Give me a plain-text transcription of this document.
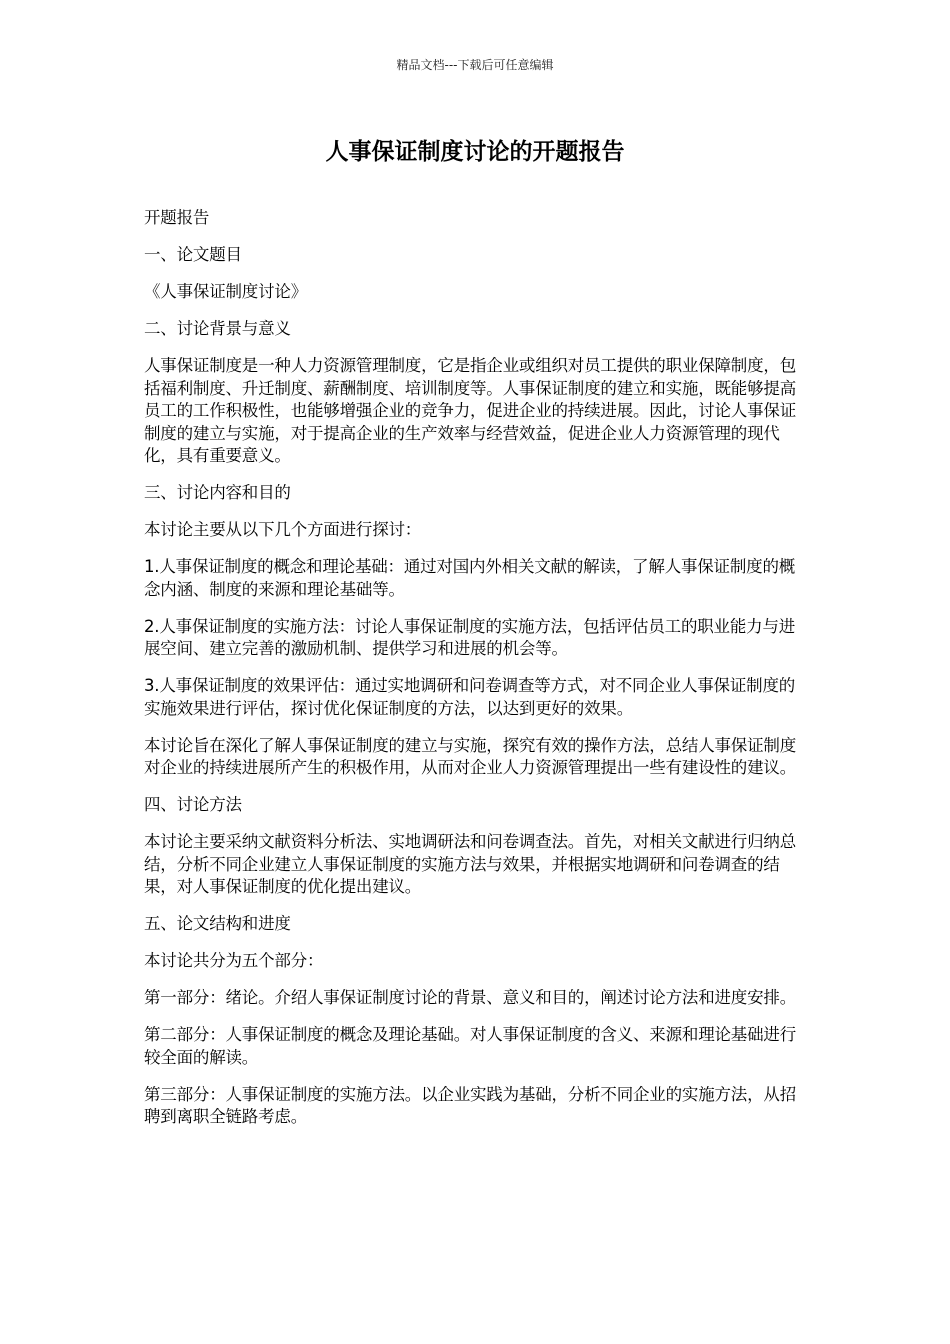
精品文档---下载后可任意编辑
人事保证制度讨论的开题报告

开题报告

一、论文题目

《人事保证制度讨论》

二、讨论背景与意义

人事保证制度是一种人力资源管理制度，它是指企业或组织对员工提供的职业保障制度，包括福利制度、升迁制度、薪酬制度、培训制度等。人事保证制度的建立和实施，既能够提高员工的工作积极性，也能够增强企业的竞争力，促进企业的持续进展。因此，讨论人事保证制度的建立与实施，对于提高企业的生产效率与经营效益，促进企业人力资源管理的现代化，具有重要意义。

三、讨论内容和目的

本讨论主要从以下几个方面进行探讨：

1.人事保证制度的概念和理论基础：通过对国内外相关文献的解读，了解人事保证制度的概念内涵、制度的来源和理论基础等。

2.人事保证制度的实施方法：讨论人事保证制度的实施方法，包括评估员工的职业能力与进展空间、建立完善的激励机制、提供学习和进展的机会等。

3.人事保证制度的效果评估：通过实地调研和问卷调查等方式，对不同企业人事保证制度的实施效果进行评估，探讨优化保证制度的方法，以达到更好的效果。

本讨论旨在深化了解人事保证制度的建立与实施，探究有效的操作方法，总结人事保证制度对企业的持续进展所产生的积极作用，从而对企业人力资源管理提出一些有建设性的建议。

四、讨论方法

本讨论主要采纳文献资料分析法、实地调研法和问卷调查法。首先，对相关文献进行归纳总结，分析不同企业建立人事保证制度的实施方法与效果，并根据实地调研和问卷调查的结果，对人事保证制度的优化提出建议。

五、论文结构和进度

本讨论共分为五个部分：

第一部分：绪论。介绍人事保证制度讨论的背景、意义和目的，阐述讨论方法和进度安排。

第二部分：人事保证制度的概念及理论基础。对人事保证制度的含义、来源和理论基础进行较全面的解读。

第三部分：人事保证制度的实施方法。以企业实践为基础，分析不同企业的实施方法，从招聘到离职全链路考虑。
